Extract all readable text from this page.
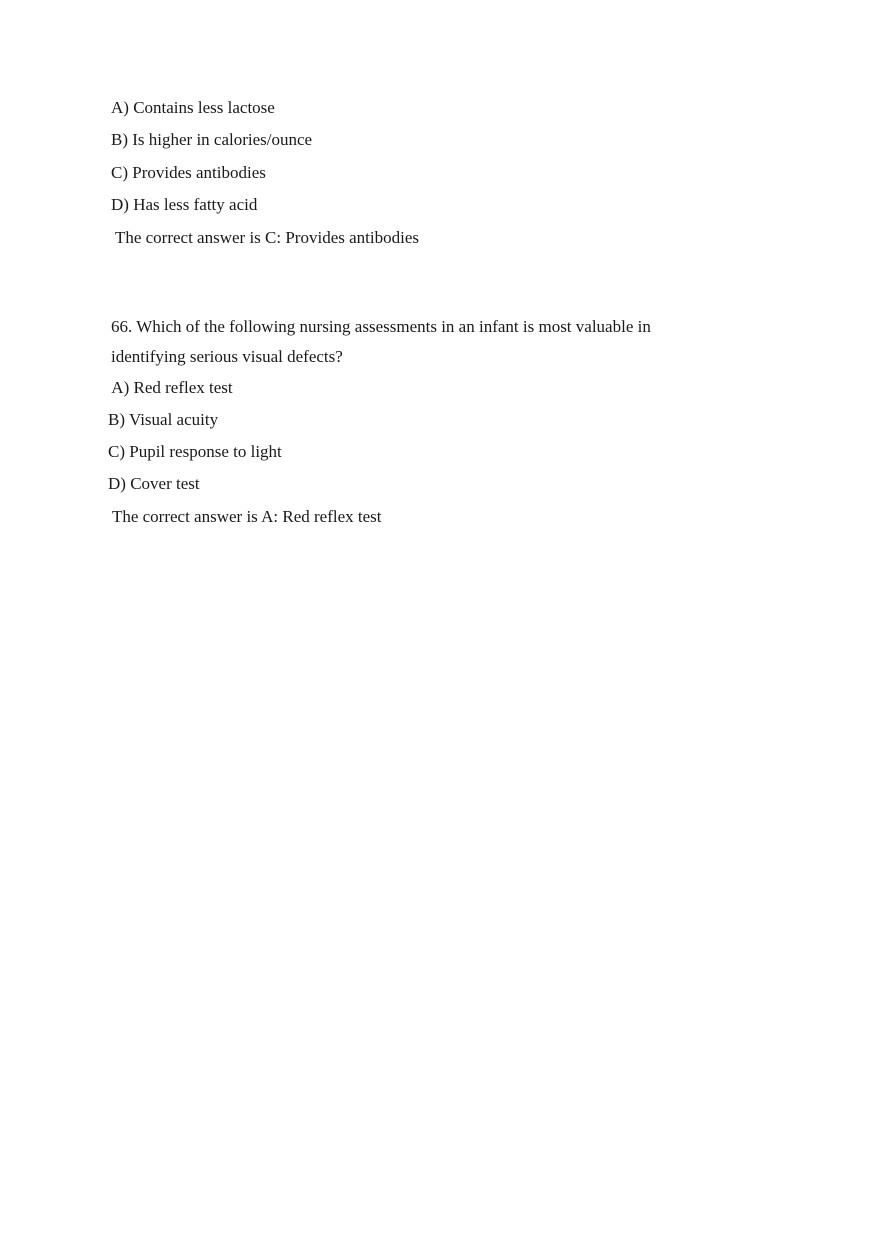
A) Contains less lactose

B) Is higher in calories/ounce

C) Provides antibodies

D) Has less fatty acid

The correct answer is C: Provides antibodies

66. Which of the following nursing assessments in an infant is most valuable in

identifying serious visual defects?

A) Red reflex test

B) Visual acuity

C) Pupil response to light

D) Cover test

The correct answer is A: Red reflex test
